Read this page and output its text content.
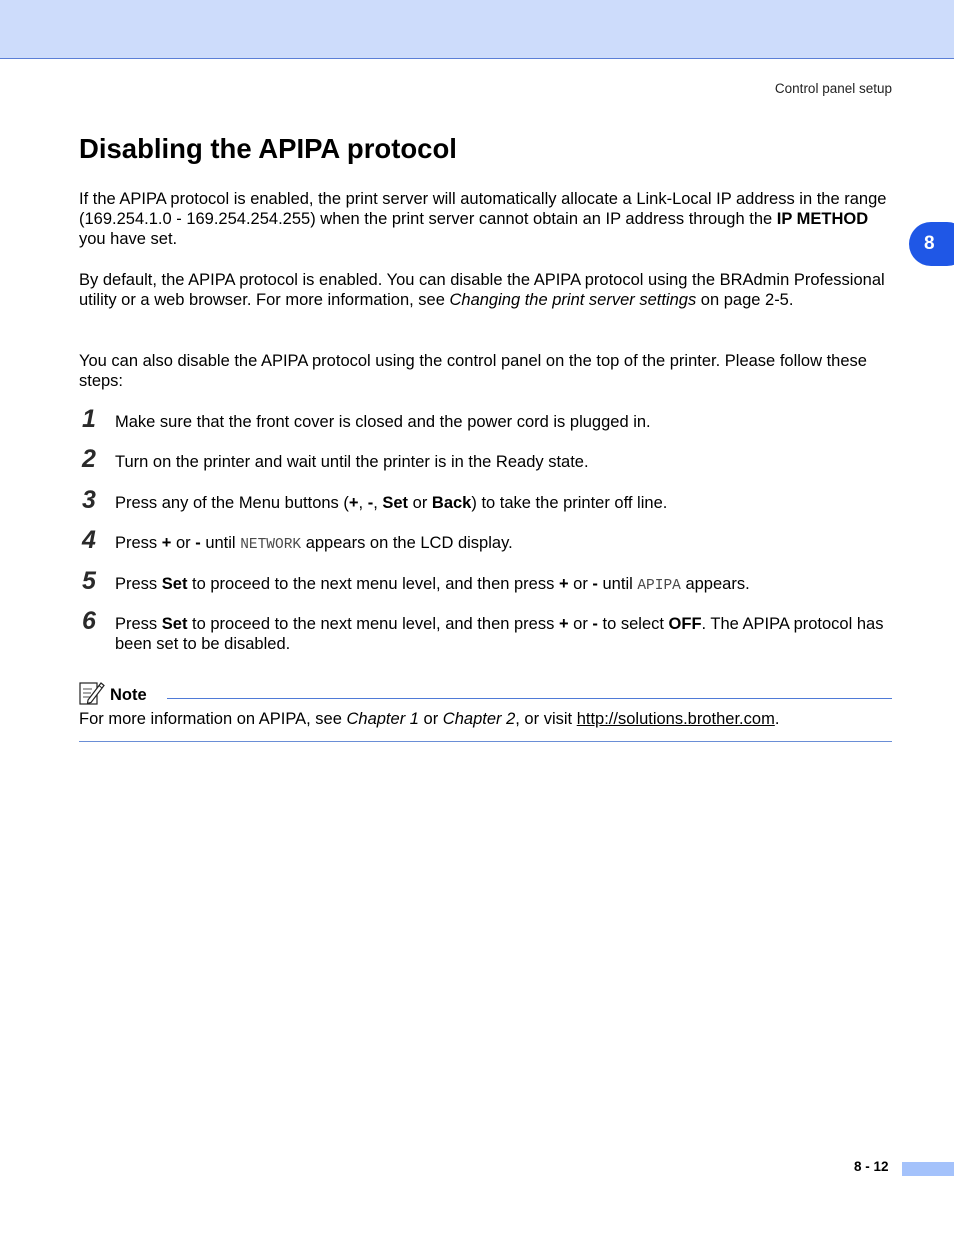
Control panel setup
8
Disabling the APIPA protocol

If the APIPA protocol is enabled, the print server will automatically allocate a Link-Local IP address in the range (169.254.1.0 - 169.254.254.255) when the print server cannot obtain an IP address through the IP METHOD you have set.

By default, the APIPA protocol is enabled. You can disable the APIPA protocol using the BRAdmin Professional utility or a web browser. For more information, see Changing the print server settings on page 2-5.

You can also disable the APIPA protocol using the control panel on the top of the printer. Please follow these steps:

1 Make sure that the front cover is closed and the power cord is plugged in.
2 Turn on the printer and wait until the printer is in the Ready state.
3 Press any of the Menu buttons (+, -, Set or Back) to take the printer off line.
4 Press + or - until NETWORK appears on the LCD display.
5 Press Set to proceed to the next menu level, and then press + or - until APIPA appears.
6 Press Set to proceed to the next menu level, and then press + or - to select OFF. The APIPA protocol has been set to be disabled.
Note
For more information on APIPA, see Chapter 1 or Chapter 2, or visit http://solutions.brother.com.
8 - 12
